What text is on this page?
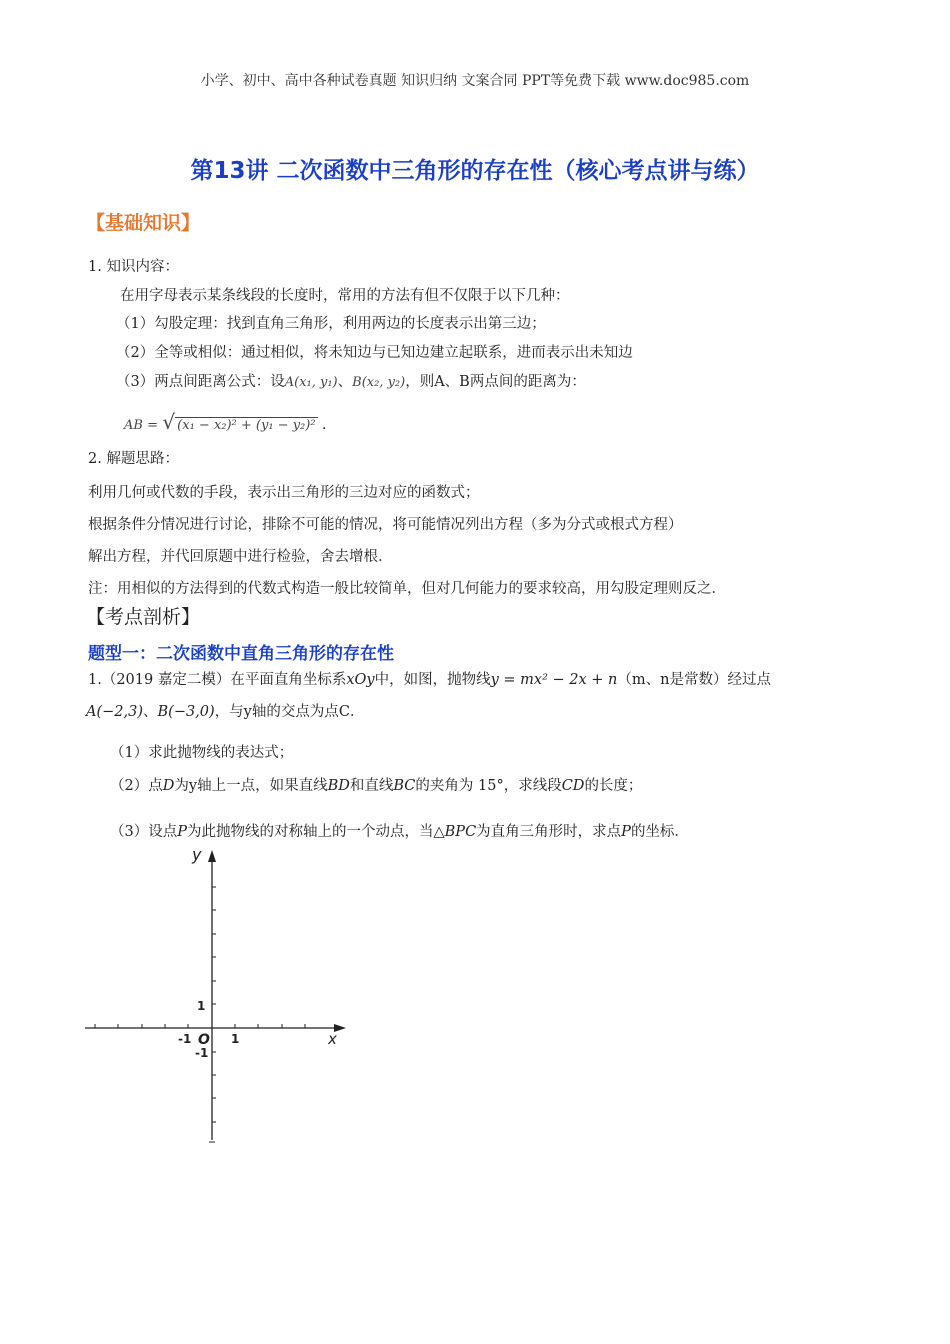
小学、初中、高中各种试卷真题 知识归纳 文案合同 PPT等免费下载 www.doc985.com
第13讲 二次函数中三角形的存在性（核心考点讲与练）
【基础知识】
1. 知识内容：
在用字母表示某条线段的长度时，常用的方法有但不仅限于以下几种：
（1）勾股定理：找到直角三角形，利用两边的长度表示出第三边；
（2）全等或相似：通过相似，将未知边与已知边建立起联系，进而表示出未知边
（3）两点间距离公式：设A(x₁, y₁)、B(x₂, y₂)，则A、B两点间的距离为：
AB = √ (x₁ − x₂)² + (y₁ − y₂)² .
2. 解题思路：
利用几何或代数的手段，表示出三角形的三边对应的函数式；
根据条件分情况进行讨论，排除不可能的情况，将可能情况列出方程（多为分式或根式方程）
解出方程，并代回原题中进行检验，舍去增根．
注：用相似的方法得到的代数式构造一般比较简单，但对几何能力的要求较高，用勾股定理则反之．
【考点剖析】
题型一：二次函数中直角三角形的存在性
1.（2019 嘉定二模）在平面直角坐标系xOy中，如图，抛物线y = mx² − 2x + n（m、n是常数）经过点
A(−2,3)、B(−3,0)，与y轴的交点为点C．
（1）求此抛物线的表达式；
（2）点D为y轴上一点，如果直线BD和直线BC的夹角为 15°，求线段CD的长度；
（3）设点P为此抛物线的对称轴上的一个动点，当△BPC为直角三角形时，求点P的坐标．
y
x
O
1
1
-1
-1
